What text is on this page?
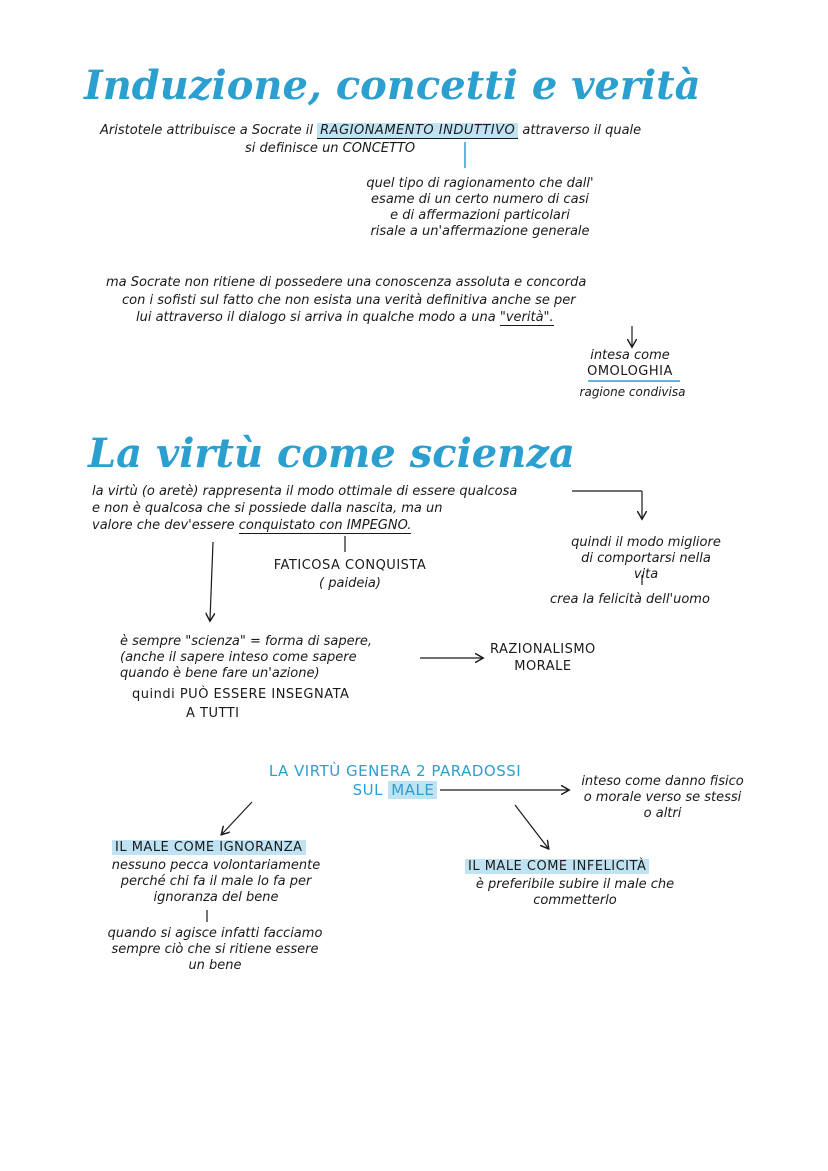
Induzione, concetti e verità
Aristotele attribuisce a Socrate il RAGIONAMENTO INDUTTIVO attraverso il quale
si definisce un CONCETTO
quel tipo di ragionamento che dall'
esame di un certo numero di casi
e di affermazioni particolari
risale a un'affermazione generale
ma Socrate non ritiene di possedere una conoscenza assoluta e concorda
con i sofisti sul fatto che non esista una verità definitiva anche se per
lui attraverso il dialogo si arriva in qualche modo a una "verità".
intesa come
OMOLOGHIA
ragione condivisa
La virtù come scienza
la virtù (o aretè) rappresenta il modo ottimale di essere qualcosa
e non è qualcosa che si possiede dalla nascita, ma un
valore che dev'essere conquistato con IMPEGNO.
FATICOSA CONQUISTA
( paideia)
quindi il modo migliore
di comportarsi nella
vita
crea la felicità dell'uomo
è sempre "scienza" = forma di sapere,
(anche il sapere inteso come sapere
quando è bene fare un'azione)
quindi PUÒ ESSERE INSEGNATA
A TUTTI
RAZIONALISMO
MORALE
LA VIRTÙ GENERA 2 PARADOSSI
SUL MALE	inteso come danno fisico
o morale verso se stessi
o altri
IL MALE COME IGNORANZA
nessuno pecca volontariamente
perché chi fa il male lo fa per
ignoranza del bene
quando si agisce infatti facciamo
sempre ciò che si ritiene essere
un bene
IL MALE COME INFELICITÀ
è preferibile subire il male che
commetterlo
